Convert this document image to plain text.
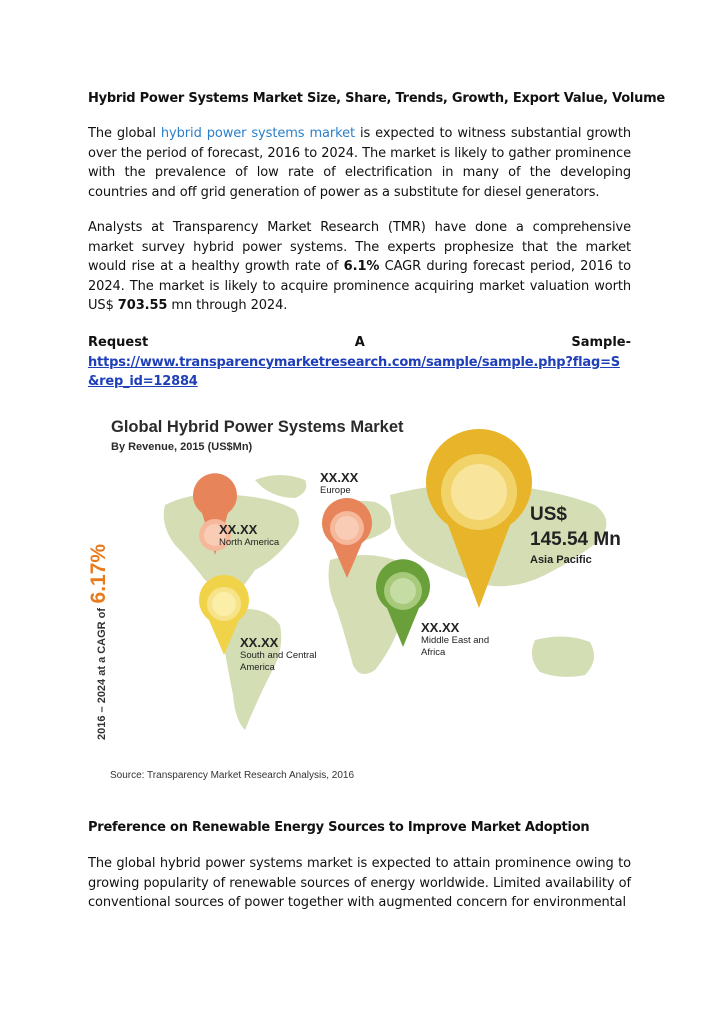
Hybrid Power Systems Market Size, Share, Trends, Growth, Export Value, Volume
The global hybrid power systems market is expected to witness substantial growth over the period of forecast, 2016 to 2024. The market is likely to gather prominence with the prevalence of low rate of electrification in many of the developing countries and off grid generation of power as a substitute for diesel generators.
Analysts at Transparency Market Research (TMR) have done a comprehensive market survey hybrid power systems. The experts prophesize that the market would rise at a healthy growth rate of 6.1% CAGR during forecast period, 2016 to 2024. The market is likely to acquire prominence acquiring market valuation worth US$ 703.55 mn through 2024.
Request	A	Sample-
https://www.transparencymarketresearch.com/sample/sample.php?flag=S&rep_id=12884
Global Hybrid Power Systems Market
By Revenue, 2015 (US$Mn)
2016 – 2024 at a CAGR of 6.17%
XX.XX
North America
XX.XX
Europe
XX.XX
South and Central America
XX.XX
Middle East and Africa
US$
145.54 Mn
Asia Pacific
Source: Transparency Market Research Analysis, 2016
Preference on Renewable Energy Sources to Improve Market Adoption
The global hybrid power systems market is expected to attain prominence owing to growing popularity of renewable sources of energy worldwide. Limited availability of conventional sources of power together with augmented concern for environmental
